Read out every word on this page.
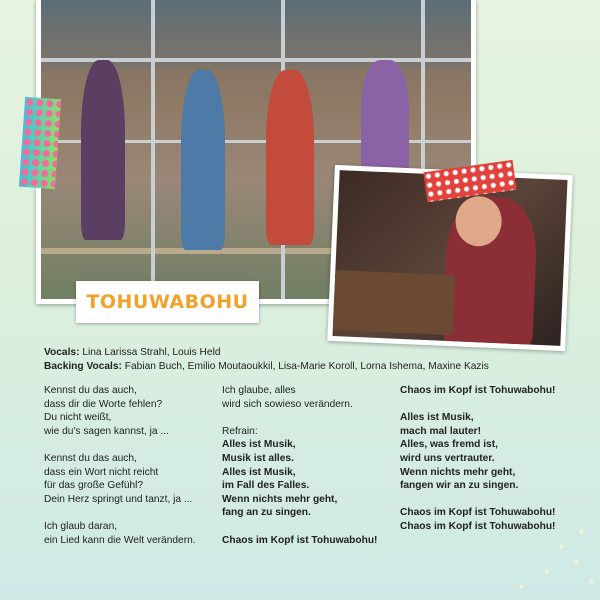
TOHUWABOHU
Vocals: Lina Larissa Strahl, Louis Held
Backing Vocals: Fabian Buch, Emilio Moutaoukkil, Lisa-Marie Koroll, Lorna Ishema, Maxine Kazis

Kennst du das auch,
dass dir die Worte fehlen?
Du nicht weißt,
wie du's sagen kannst, ja ...

Kennst du das auch,
dass ein Wort nicht reicht
für das große Gefühl?
Dein Herz springt und tanzt, ja ...

Ich glaub daran,
ein Lied kann die Welt verändern.

Ich glaube, alles
wird sich sowieso verändern.

Refrain:
Alles ist Musik,
Musik ist alles.
Alles ist Musik,
im Fall des Falles.
Wenn nichts mehr geht,
fang an zu singen.

Chaos im Kopf ist Tohuwabohu!

Chaos im Kopf ist Tohuwabohu!

Alles ist Musik,
mach mal lauter!
Alles, was fremd ist,
wird uns vertrauter.
Wenn nichts mehr geht,
fangen wir an zu singen.

Chaos im Kopf ist Tohuwabohu!
Chaos im Kopf ist Tohuwabohu!
